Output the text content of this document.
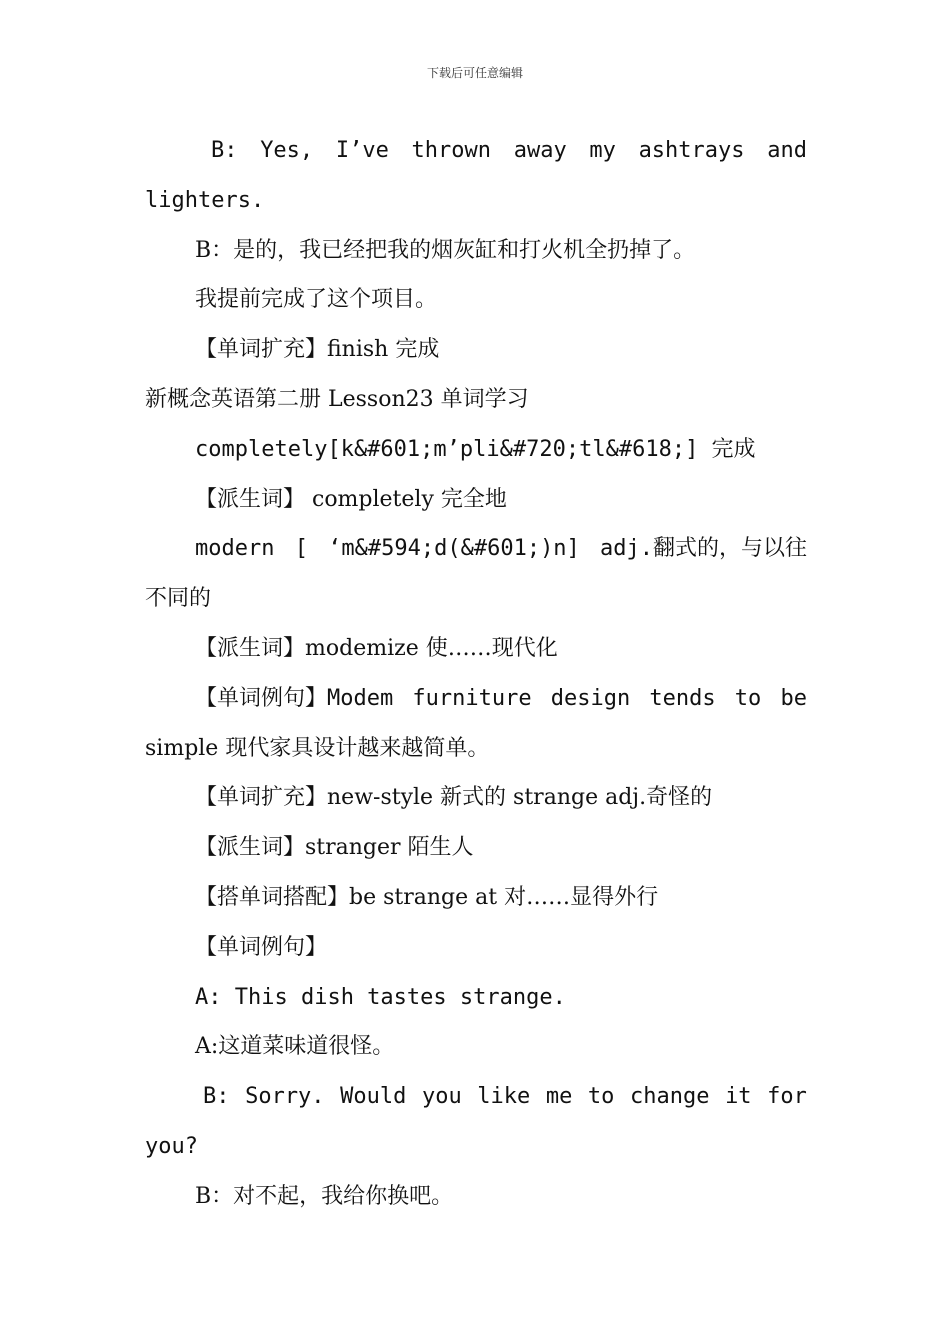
下载后可任意编辑
B: Yes, I’ve thrown away my ashtrays and
lighters.
B：是的，我已经把我的烟灰缸和打火机全扔掉了。
我提前完成了这个项目。
【单词扩充】finish 完成
新概念英语第二册 Lesson23 单词学习
completely[k&#601;m’pli&#720;tl&#618;] 完成
【派生词】 completely 完全地
modern [ ‘m&#594;d(&#601;)n] adj.翻式的，与以往
不同的
【派生词】modemize 使……现代化
【单词例句】Modem furniture design tends to be
simple 现代家具设计越来越简单。
【单词扩充】new-style 新式的 strange adj.奇怪的
【派生词】stranger 陌生人
【搭单词搭配】be strange at 对……显得外行
【单词例句】
A: This dish tastes strange.
A:这道菜味道很怪。
B: Sorry. Would you like me to change it for
you?
B：对不起，我给你换吧。
